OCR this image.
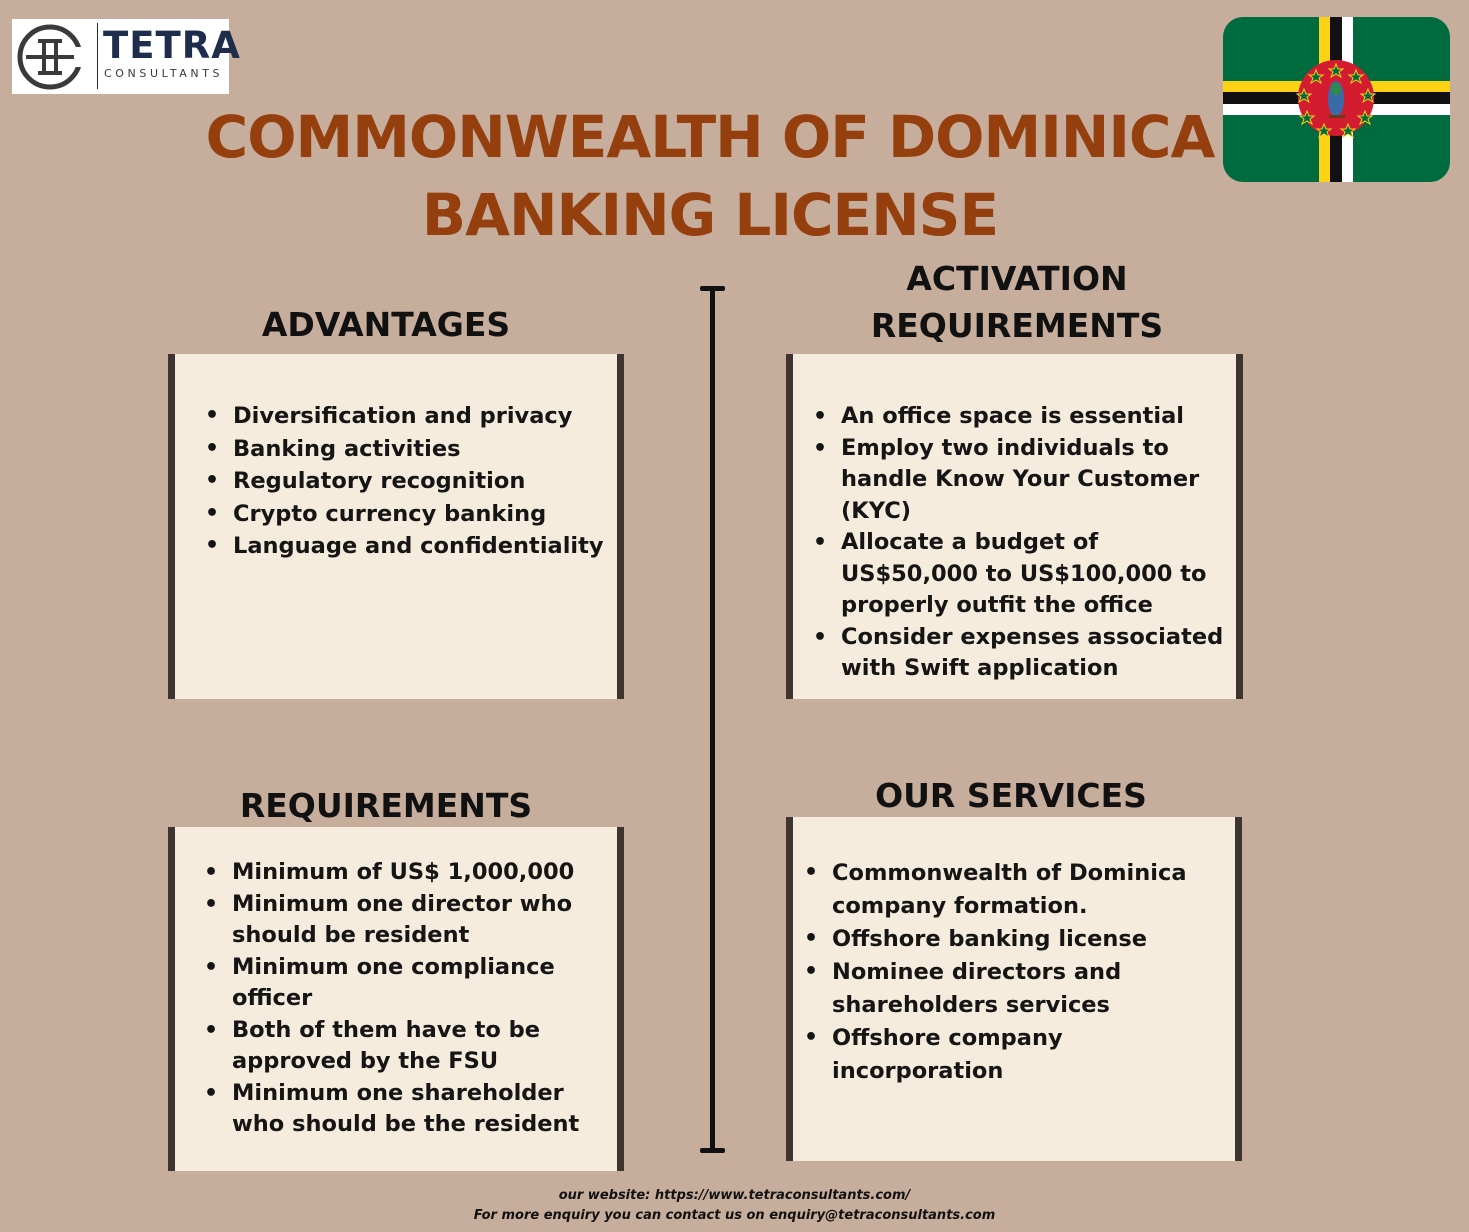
TETRA
CONSULTANTS
COMMONWEALTH OF DOMINICA
BANKING LICENSE
ADVANTAGES
ACTIVATION
REQUIREMENTS
REQUIREMENTS	OUR SERVICES
• Diversification and privacy
• Banking activities
• Regulatory recognition
• Crypto currency banking
• Language and confidentiality
• An office space is essential
• Employ two individuals to handle Know Your Customer (KYC)
• Allocate a budget of US$50,000 to US$100,000 to properly outfit the office
• Consider expenses associated with Swift application
• Minimum of US$ 1,000,000
• Minimum one director who should be resident
• Minimum one compliance officer
• Both of them have to be approved by the FSU
• Minimum one shareholder who should be the resident
• Commonwealth of Dominica company formation.
• Offshore banking license
• Nominee directors and shareholders services
• Offshore company incorporation
our website: https://www.tetraconsultants.com/
For more enquiry you can contact us on enquiry@tetraconsultants.com
